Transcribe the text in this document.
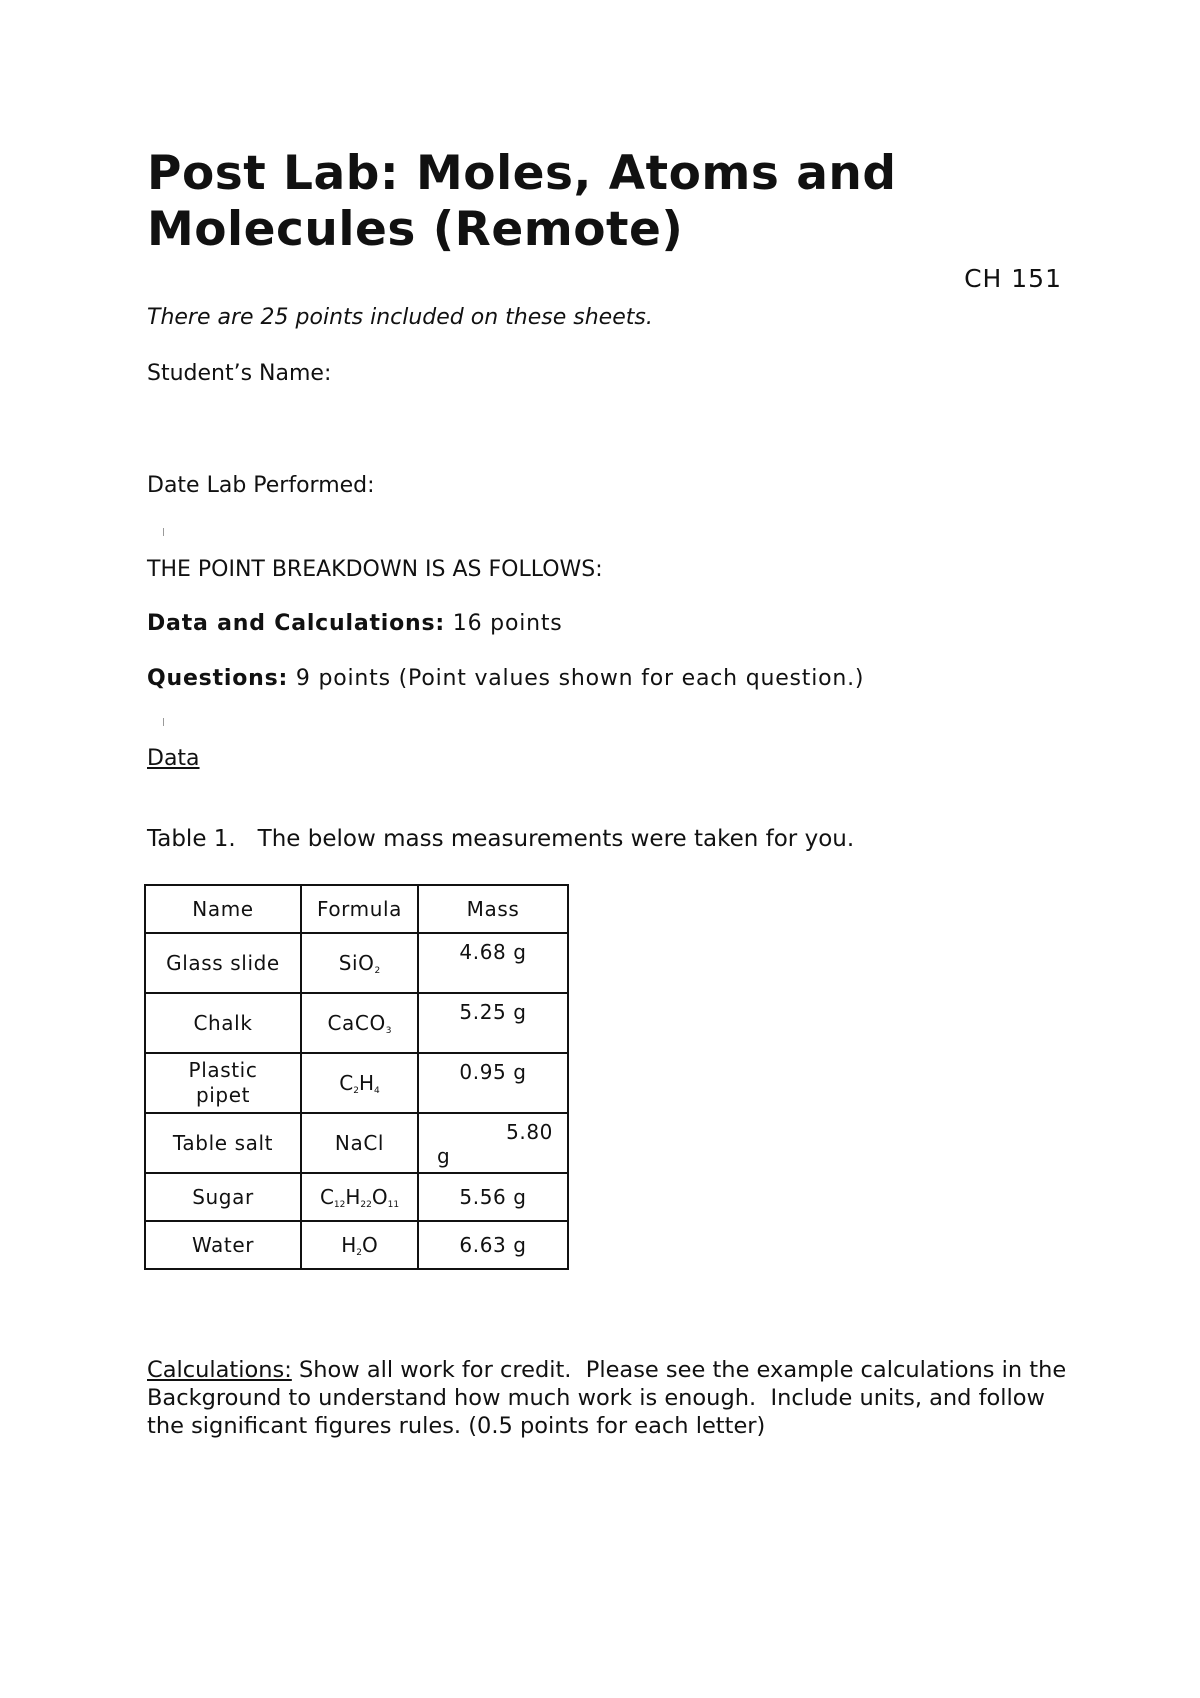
Post Lab: Moles, Atoms and Molecules (Remote)
CH 151
There are 25 points included on these sheets.
Student’s Name:
Date Lab Performed:
THE POINT BREAKDOWN IS AS FOLLOWS:
Data and Calculations: 16 points
Questions: 9 points (Point values shown for each question.)
Data
Table 1.   The below mass measurements were taken for you.
Name	Formula	Mass
Glass slide	SiO$_2$	4.68 g

Chalk	CaCO$_3$	5.25 g

Plastic
pipet	$C_2H_4$	0.95 g

Table salt	NaCl	5.80
g

Sugar	$C_{12}H_{22}O_{11}$	5.56 g
Water	$H_2O$	6.63 g
Calculations: Show all work for credit.  Please see the example calculations in the Background to understand how much work is enough.  Include units, and follow the significant figures rules. (0.5 points for each letter)
